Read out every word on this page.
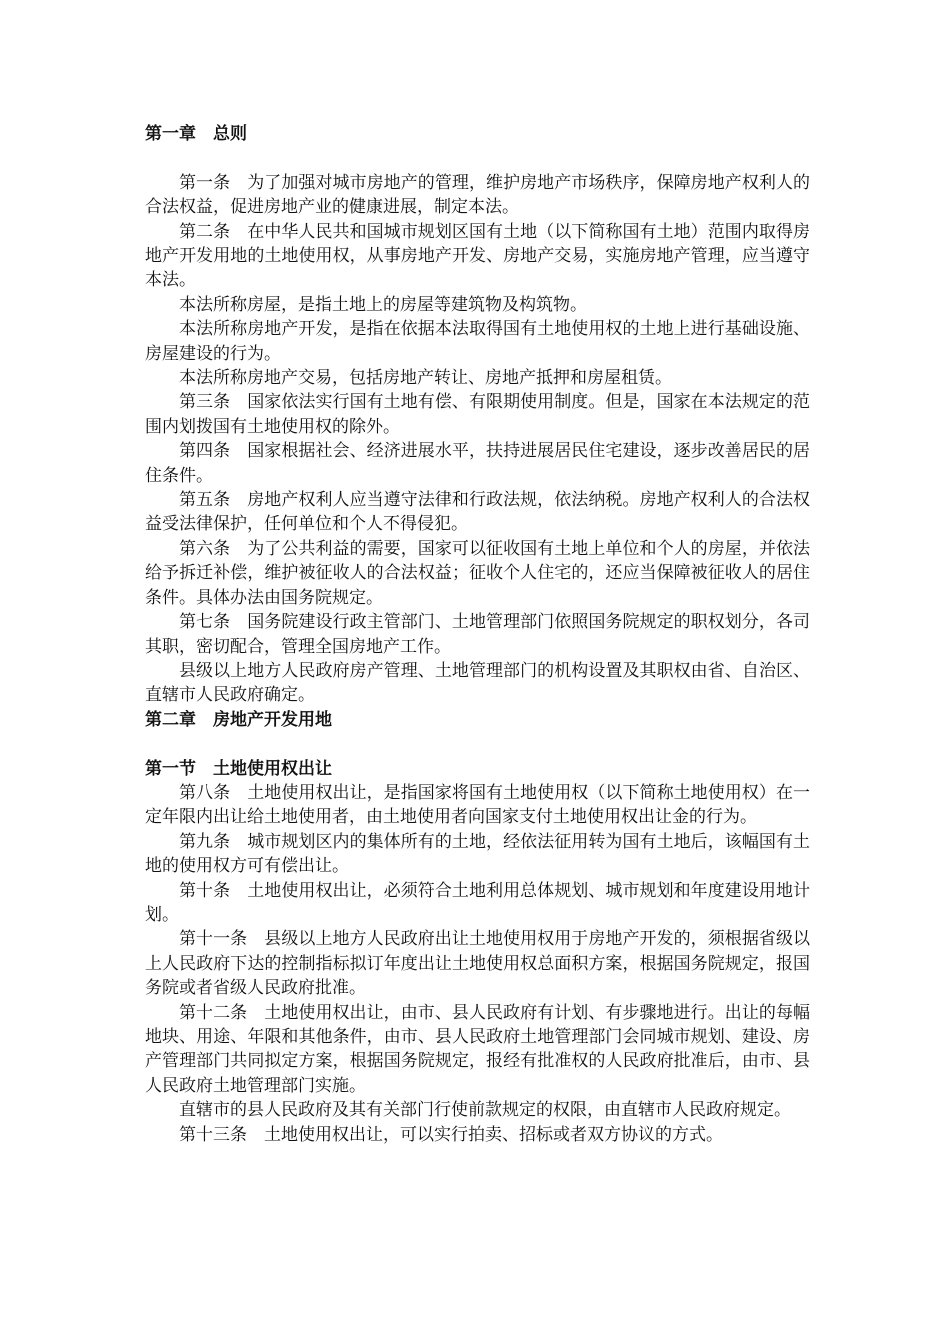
第一章　总则

第一条　为了加强对城市房地产的管理，维护房地产市场秩序，保障房地产权利人的合法权益，促进房地产业的健康进展，制定本法。

第二条　在中华人民共和国城市规划区国有土地（以下简称国有土地）范围内取得房地产开发用地的土地使用权，从事房地产开发、房地产交易，实施房地产管理，应当遵守本法。

本法所称房屋，是指土地上的房屋等建筑物及构筑物。

本法所称房地产开发，是指在依据本法取得国有土地使用权的土地上进行基础设施、房屋建设的行为。

本法所称房地产交易，包括房地产转让、房地产抵押和房屋租赁。

第三条　国家依法实行国有土地有偿、有限期使用制度。但是，国家在本法规定的范围内划拨国有土地使用权的除外。

第四条　国家根据社会、经济进展水平，扶持进展居民住宅建设，逐步改善居民的居住条件。

第五条　房地产权利人应当遵守法律和行政法规，依法纳税。房地产权利人的合法权益受法律保护，任何单位和个人不得侵犯。

第六条　为了公共利益的需要，国家可以征收国有土地上单位和个人的房屋，并依法给予拆迁补偿，维护被征收人的合法权益；征收个人住宅的，还应当保障被征收人的居住条件。具体办法由国务院规定。

第七条　国务院建设行政主管部门、土地管理部门依照国务院规定的职权划分，各司其职，密切配合，管理全国房地产工作。

县级以上地方人民政府房产管理、土地管理部门的机构设置及其职权由省、自治区、直辖市人民政府确定。

第二章　房地产开发用地
第一节　土地使用权出让

第八条　土地使用权出让，是指国家将国有土地使用权（以下简称土地使用权）在一定年限内出让给土地使用者，由土地使用者向国家支付土地使用权出让金的行为。

第九条　城市规划区内的集体所有的土地，经依法征用转为国有土地后，该幅国有土地的使用权方可有偿出让。

第十条　土地使用权出让，必须符合土地利用总体规划、城市规划和年度建设用地计划。

第十一条　县级以上地方人民政府出让土地使用权用于房地产开发的，须根据省级以上人民政府下达的控制指标拟订年度出让土地使用权总面积方案，根据国务院规定，报国务院或者省级人民政府批准。

第十二条　土地使用权出让，由市、县人民政府有计划、有步骤地进行。出让的每幅地块、用途、年限和其他条件，由市、县人民政府土地管理部门会同城市规划、建设、房产管理部门共同拟定方案，根据国务院规定，报经有批准权的人民政府批准后，由市、县人民政府土地管理部门实施。

直辖市的县人民政府及其有关部门行使前款规定的权限，由直辖市人民政府规定。

第十三条　土地使用权出让，可以实行拍卖、招标或者双方协议的方式。
